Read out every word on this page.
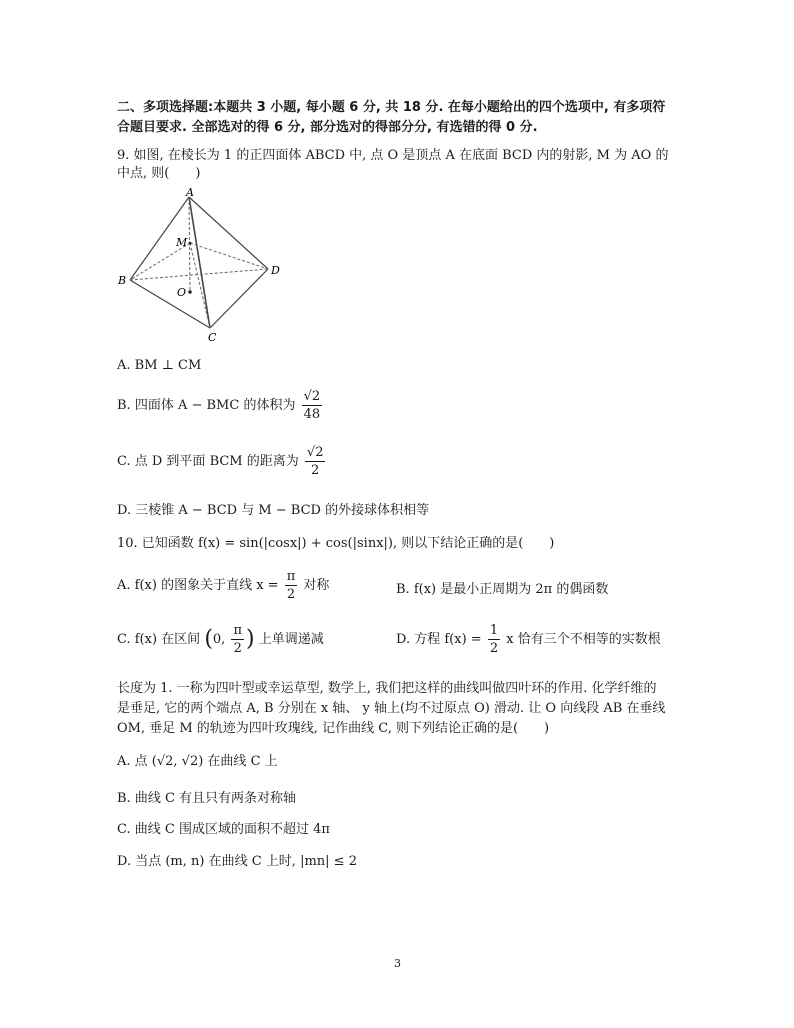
二、多项选择题:本题共 3 小题, 每小题 6 分, 共 18 分. 在每小题给出的四个选项中, 有多项符
合题目要求. 全部选对的得 6 分, 部分选对的得部分分, 有选错的得 0 分.
9. 如图, 在棱长为 1 的正四面体 ABCD 中, 点 O 是顶点 A 在底面 BCD 内的射影, M 为 AO 的
中点, 则(　　)
A
B
C
D
M
O
A. BM ⊥ CM
B. 四面体 A − BMC 的体积为 $\frac{√2}{48}$
C. 点 D 到平面 BCM 的距离为 $\frac{√2}{2}$
D. 三棱锥 A − BCD 与 M − BCD 的外接球体积相等
10. 已知函数 f(x) = sin(|cosx|) + cos(|sinx|), 则以下结论正确的是(　　)
A. f(x) 的图象关于直线 $x = \frac{\pi}{2}$ 对称	B. f(x) 是最小正周期为 2π 的偶函数
C. f(x) 在区间 (0, $\frac{\pi}{2}$ ) 上单调递减	D. 方程 $f(x) = \frac{1}{2}$ x 恰有三个不相等的实数根
长度为 1. 一称为四叶型或幸运草型, 数学上, 我们把这样的曲线叫做四叶环的作用. 化学纤维的
是垂足, 它的两个端点 A, B 分别在 x 轴、 y 轴上(均不过原点 O) 滑动. 让 O 向线段 AB 在垂线
OM, 垂足 M 的轨迹为四叶玫瑰线, 记作曲线 C, 则下列结论正确的是(　　)
A. 点 (√2, √2) 在曲线 C 上
B. 曲线 C 有且只有两条对称轴
C. 曲线 C 围成区域的面积不超过 4π
D. 当点 (m, n) 在曲线 C 上时, |mn| ≤ 2
3
